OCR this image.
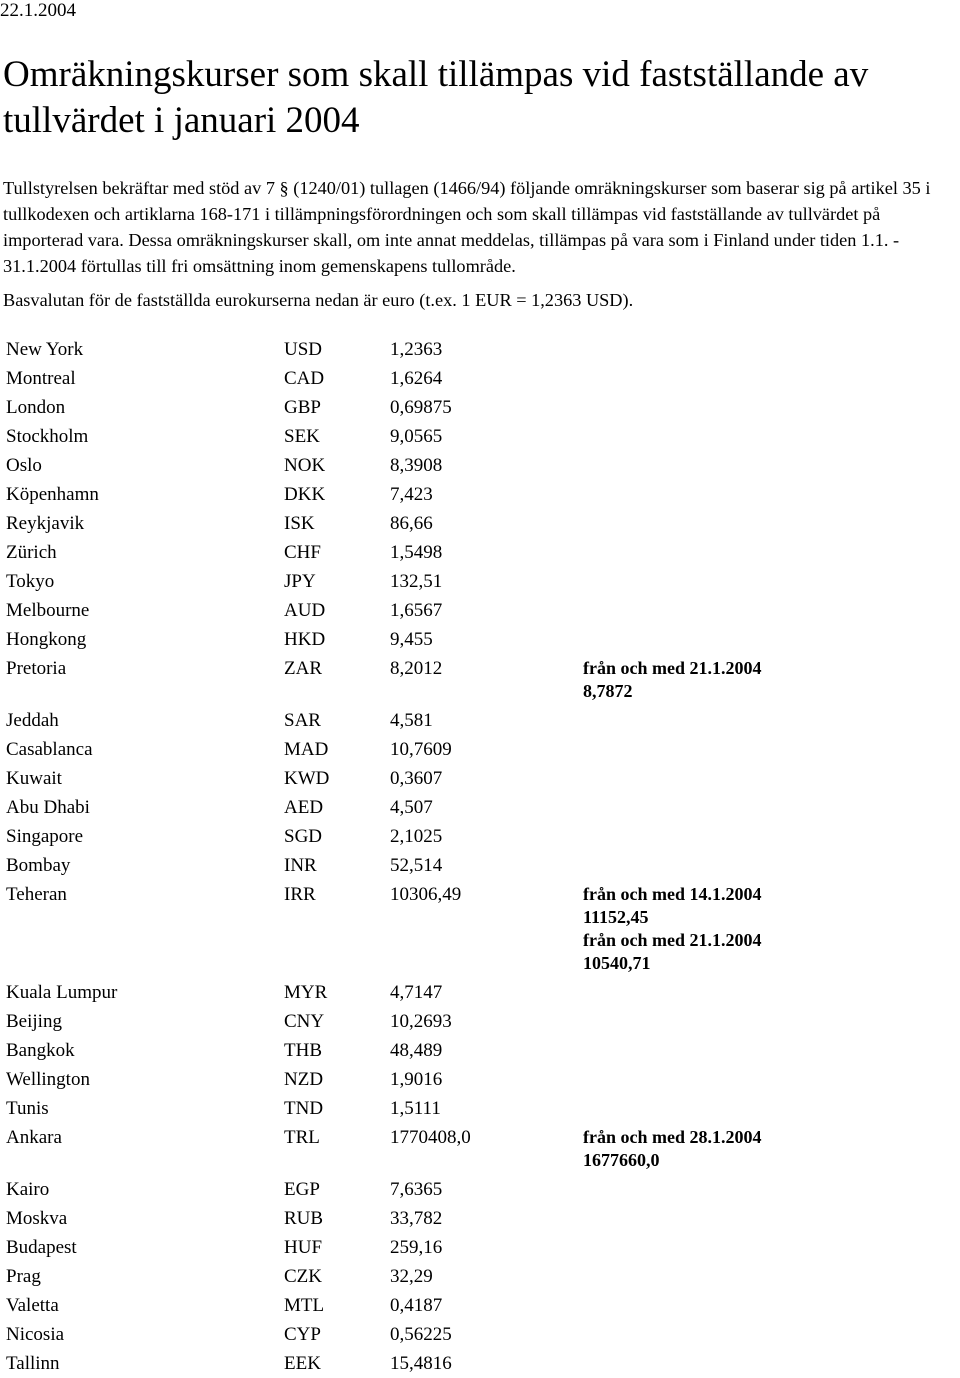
22.1.2004
Omräkningskurser som skall tillämpas vid fastställande av tullvärdet i januari 2004

Tullstyrelsen bekräftar med stöd av 7 § (1240/01) tullagen (1466/94) följande omräkningskurser som baserar sig på artikel 35 i tullkodexen och artiklarna 168-171 i tillämpningsförordningen och som skall tillämpas vid fastställande av tullvärdet på importerad vara. Dessa omräkningskurser skall, om inte annat meddelas, tillämpas på vara som i Finland under tiden 1.1. - 31.1.2004 förtullas till fri omsättning inom gemenskapens tullområde.

Basvalutan för de fastställda eurokurserna nedan är euro (t.ex. 1 EUR = 1,2363 USD).

New York	USD	1,2363
Montreal	CAD	1,6264
London	GBP	0,69875
Stockholm	SEK	9,0565
Oslo	NOK	8,3908
Köpenhamn	DKK	7,423
Reykjavik	ISK	86,66
Zürich	CHF	1,5498
Tokyo	JPY	132,51
Melbourne	AUD	1,6567
Hongkong	HKD	9,455
Pretoria	ZAR	8,2012	från och med 21.1.2004
8,7872
Jeddah	SAR	4,581
Casablanca	MAD	10,7609
Kuwait	KWD	0,3607
Abu Dhabi	AED	4,507
Singapore	SGD	2,1025
Bombay	INR	52,514
Teheran	IRR	10306,49	från och med 14.1.2004
11152,45
från och med 21.1.2004
10540,71
Kuala Lumpur	MYR	4,7147
Beijing	CNY	10,2693
Bangkok	THB	48,489
Wellington	NZD	1,9016
Tunis	TND	1,5111
Ankara	TRL	1770408,0	från och med 28.1.2004
1677660,0
Kairo	EGP	7,6365
Moskva	RUB	33,782
Budapest	HUF	259,16
Prag	CZK	32,29
Valetta	MTL	0,4187
Nicosia	CYP	0,56225
Tallinn	EEK	15,4816
